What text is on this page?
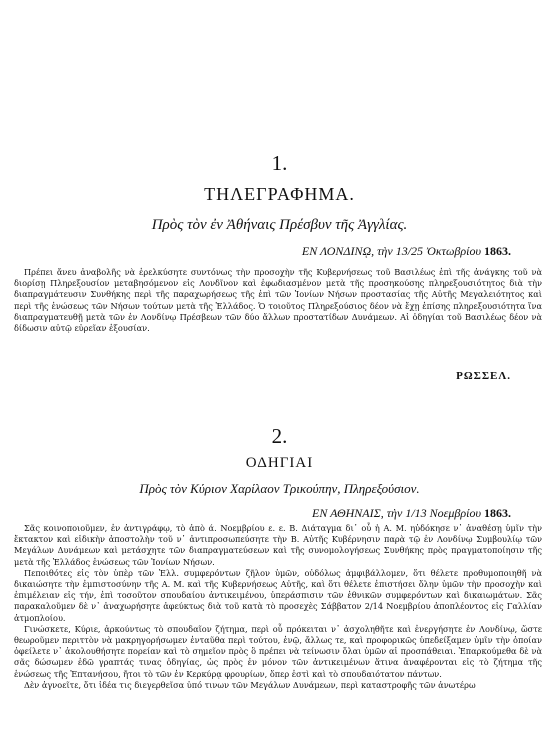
1.
ΤΗΛΕΓΡΑΦΗΜΑ.
Πρὸς τὸν ἐν Ἀθήναις Πρέσβυν τῆς Ἀγγλίας.
ΕΝ ΛΟΝΔΙΝῼ, τὴν 13/25 Ὀκτωβρίου 1863.

Πρέπει ἄνευ ἀναβολῆς νὰ ἐρελκύσητε συντόνως τὴν προσοχὴν τῆς Κυβερνήσεως τοῦ Βασιλέως ἐπὶ τῆς ἀνάγκης τοῦ νὰ διορίσῃ Πληρεξουσίον μεταβησόμενον εἰς Λονδῖνον καὶ ἐφωδιασμένον μετὰ τῆς προσηκούσης πληρεξουσιότητος διὰ τὴν διαπραγμάτευσιν Συνθήκης περὶ τῆς παραχωρήσεως τῆς ἐπὶ τῶν Ἰονίων Νήσων προστασίας τῆς Αὐτῆς Μεγαλειότητος καὶ περὶ τῆς ἑνώσεως τῶν Νήσων τούτων μετὰ τῆς Ἑλλάδος. Ὁ τοιοῦτος Πληρεξούσιος δέον νὰ ἔχῃ ἐπίσης πληρεξουσιότητα ἵνα διαπραγματευθῇ μετὰ τῶν ἐν Λονδίνῳ Πρέσβεων τῶν δύο ἄλλων προστατίδων Δυνάμεων. Αἱ ὁδηγίαι τοῦ Βασιλέως δέον νὰ δίδωσιν αὐτῷ εὐρεῖαν ἐξουσίαν.

ΡΩΣΣΕΛ.
2.
ΟΔΗΓΙΑΙ
Πρὸς τὸν Κύριον Χαρίλαον Τρικούπην, Πληρεξούσιον.
ΕΝ ΑΘΗΝΑΙΣ, τὴν 1/13 Νοεμβρίου 1863.

Σᾶς κοινοποιοῦμεν, ἐν ἀντιγράφῳ, τὸ ἀπὸ ά. Νοεμβρίου ε. ε. Β. Διάταγμα δι᾽ οὗ ἡ Α. Μ. ηὐδόκησε ν᾽ ἀναθέσῃ ὑμῖν τὴν ἔκτακτον καὶ εἰδικὴν ἀποστολὴν τοῦ ν᾽ ἀντιπροσωπεύσητε τὴν Β. Αὐτῆς Κυβέρνησιν παρὰ τῷ ἐν Λονδίνῳ Συμβουλίῳ τῶν Μεγάλων Δυνάμεων καὶ μετάσχητε τῶν διαπραγματεύσεων καὶ τῆς συνομολογήσεως Συνθήκης πρὸς πραγματοποίησιν τῆς μετὰ τῆς Ἑλλάδος ἑνώσεως τῶν Ἰονίων Νήσων.

Πεποιθότες εἰς τὸν ὑπὲρ τῶν Ἑλλ. συμφερόντων ζῆλον ὑμῶν, οὐδόλως ἀμφιβάλλομεν, ὅτι θέλετε προθυμοποιηθῆ νὰ δικαιώσητε τὴν ἐμπιστοσύνην τῆς Α. Μ. καὶ τῆς Κυβερνήσεως Αὐτῆς, καὶ ὅτι θέλετε ἐπιστήσει ὅλην ὑμῶν τὴν προσοχὴν καὶ ἐπιμέλειαν εἰς τήν, ἐπὶ τοσοῦτον σπουδαίου ἀντικειμένου, ὑπεράσπισιν τῶν ἐθνικῶν συμφερόντων καὶ δικαιωμάτων. Σᾶς παρακαλοῦμεν δὲ ν᾽ ἀναχωρήσητε ἀφεύκτως διὰ τοῦ κατὰ τὸ προσεχὲς Σάββατον 2/14 Νοεμβρίου ἀποπλέοντος εἰς Γαλλίαν ἀτμοπλοίου.

Γινώσκετε, Κύριε, ἀρκούντως τὸ σπουδαῖον ζήτημα, περὶ οὗ πρόκειται ν᾽ ἀσχοληθῆτε καὶ ἐνεργήσητε ἐν Λονδίνῳ, ὥστε θεωροῦμεν περιττὸν νὰ μακρηγορήσωμεν ἐνταῦθα περὶ τούτου, ἐνῷ, ἄλλως τε, καὶ προφορικῶς ὑπεδείξαμεν ὑμῖν τὴν ὁποίαν ὀφείλετε ν᾽ ἀκολουθήσητε πορείαν καὶ τὸ σημεῖον πρὸς ὃ πρέπει νὰ τείνωσιν ὅλαι ὑμῶν αἱ προσπάθειαι. Ἐπαρκούμεθα δὲ νὰ σᾶς δώσωμεν ἐδῶ γραπτάς τινας ὁδηγίας, ὡς πρὸς ἐν μόνον τῶν ἀντικειμένων ἅτινα ἀναφέρονται εἰς τὸ ζήτημα τῆς ἑνώσεως τῆς Ἑπτανήσου, ἤτοι τὸ τῶν ἐν Κερκύρᾳ φρουρίων, ὅπερ ἐστὶ καὶ τὸ σπουδαιότατον πάντων.

Δὲν ἀγνοεῖτε, ὅτι ἰδέα τις διεγερθεῖσα ὑπό τινων τῶν Μεγάλων Δυνάμεων, περὶ καταστροφῆς τῶν ἀνωτέρω
